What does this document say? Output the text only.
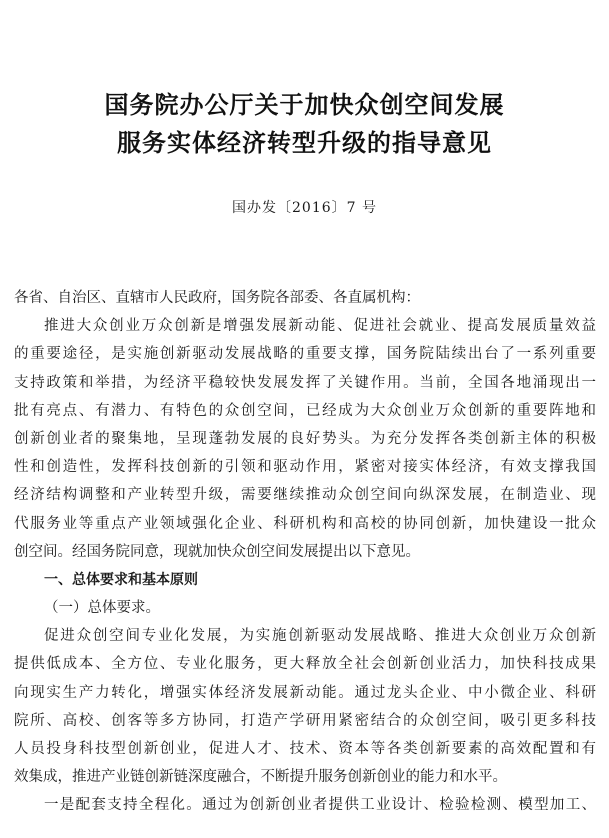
国务院办公厅关于加快众创空间发展
服务实体经济转型升级的指导意见
国办发〔2016〕7 号
各省、自治区、直辖市人民政府，国务院各部委、各直属机构：
推进大众创业万众创新是增强发展新动能、促进社会就业、提高发展质量效益
的重要途径，是实施创新驱动发展战略的重要支撑，国务院陆续出台了一系列重要
支持政策和举措，为经济平稳较快发展发挥了关键作用。当前，全国各地涌现出一
批有亮点、有潜力、有特色的众创空间，已经成为大众创业万众创新的重要阵地和
创新创业者的聚集地，呈现蓬勃发展的良好势头。为充分发挥各类创新主体的积极
性和创造性，发挥科技创新的引领和驱动作用，紧密对接实体经济，有效支撑我国
经济结构调整和产业转型升级，需要继续推动众创空间向纵深发展，在制造业、现
代服务业等重点产业领域强化企业、科研机构和高校的协同创新，加快建设一批众
创空间。经国务院同意，现就加快众创空间发展提出以下意见。
一、总体要求和基本原则
（一）总体要求。
促进众创空间专业化发展，为实施创新驱动发展战略、推进大众创业万众创新
提供低成本、全方位、专业化服务，更大释放全社会创新创业活力，加快科技成果
向现实生产力转化，增强实体经济发展新动能。通过龙头企业、中小微企业、科研
院所、高校、创客等多方协同，打造产学研用紧密结合的众创空间，吸引更多科技
人员投身科技型创新创业，促进人才、技术、资本等各类创新要素的高效配置和有
效集成，推进产业链创新链深度融合，不断提升服务创新创业的能力和水平。
一是配套支持全程化。通过为创新创业者提供工业设计、检验检测、模型加工、
